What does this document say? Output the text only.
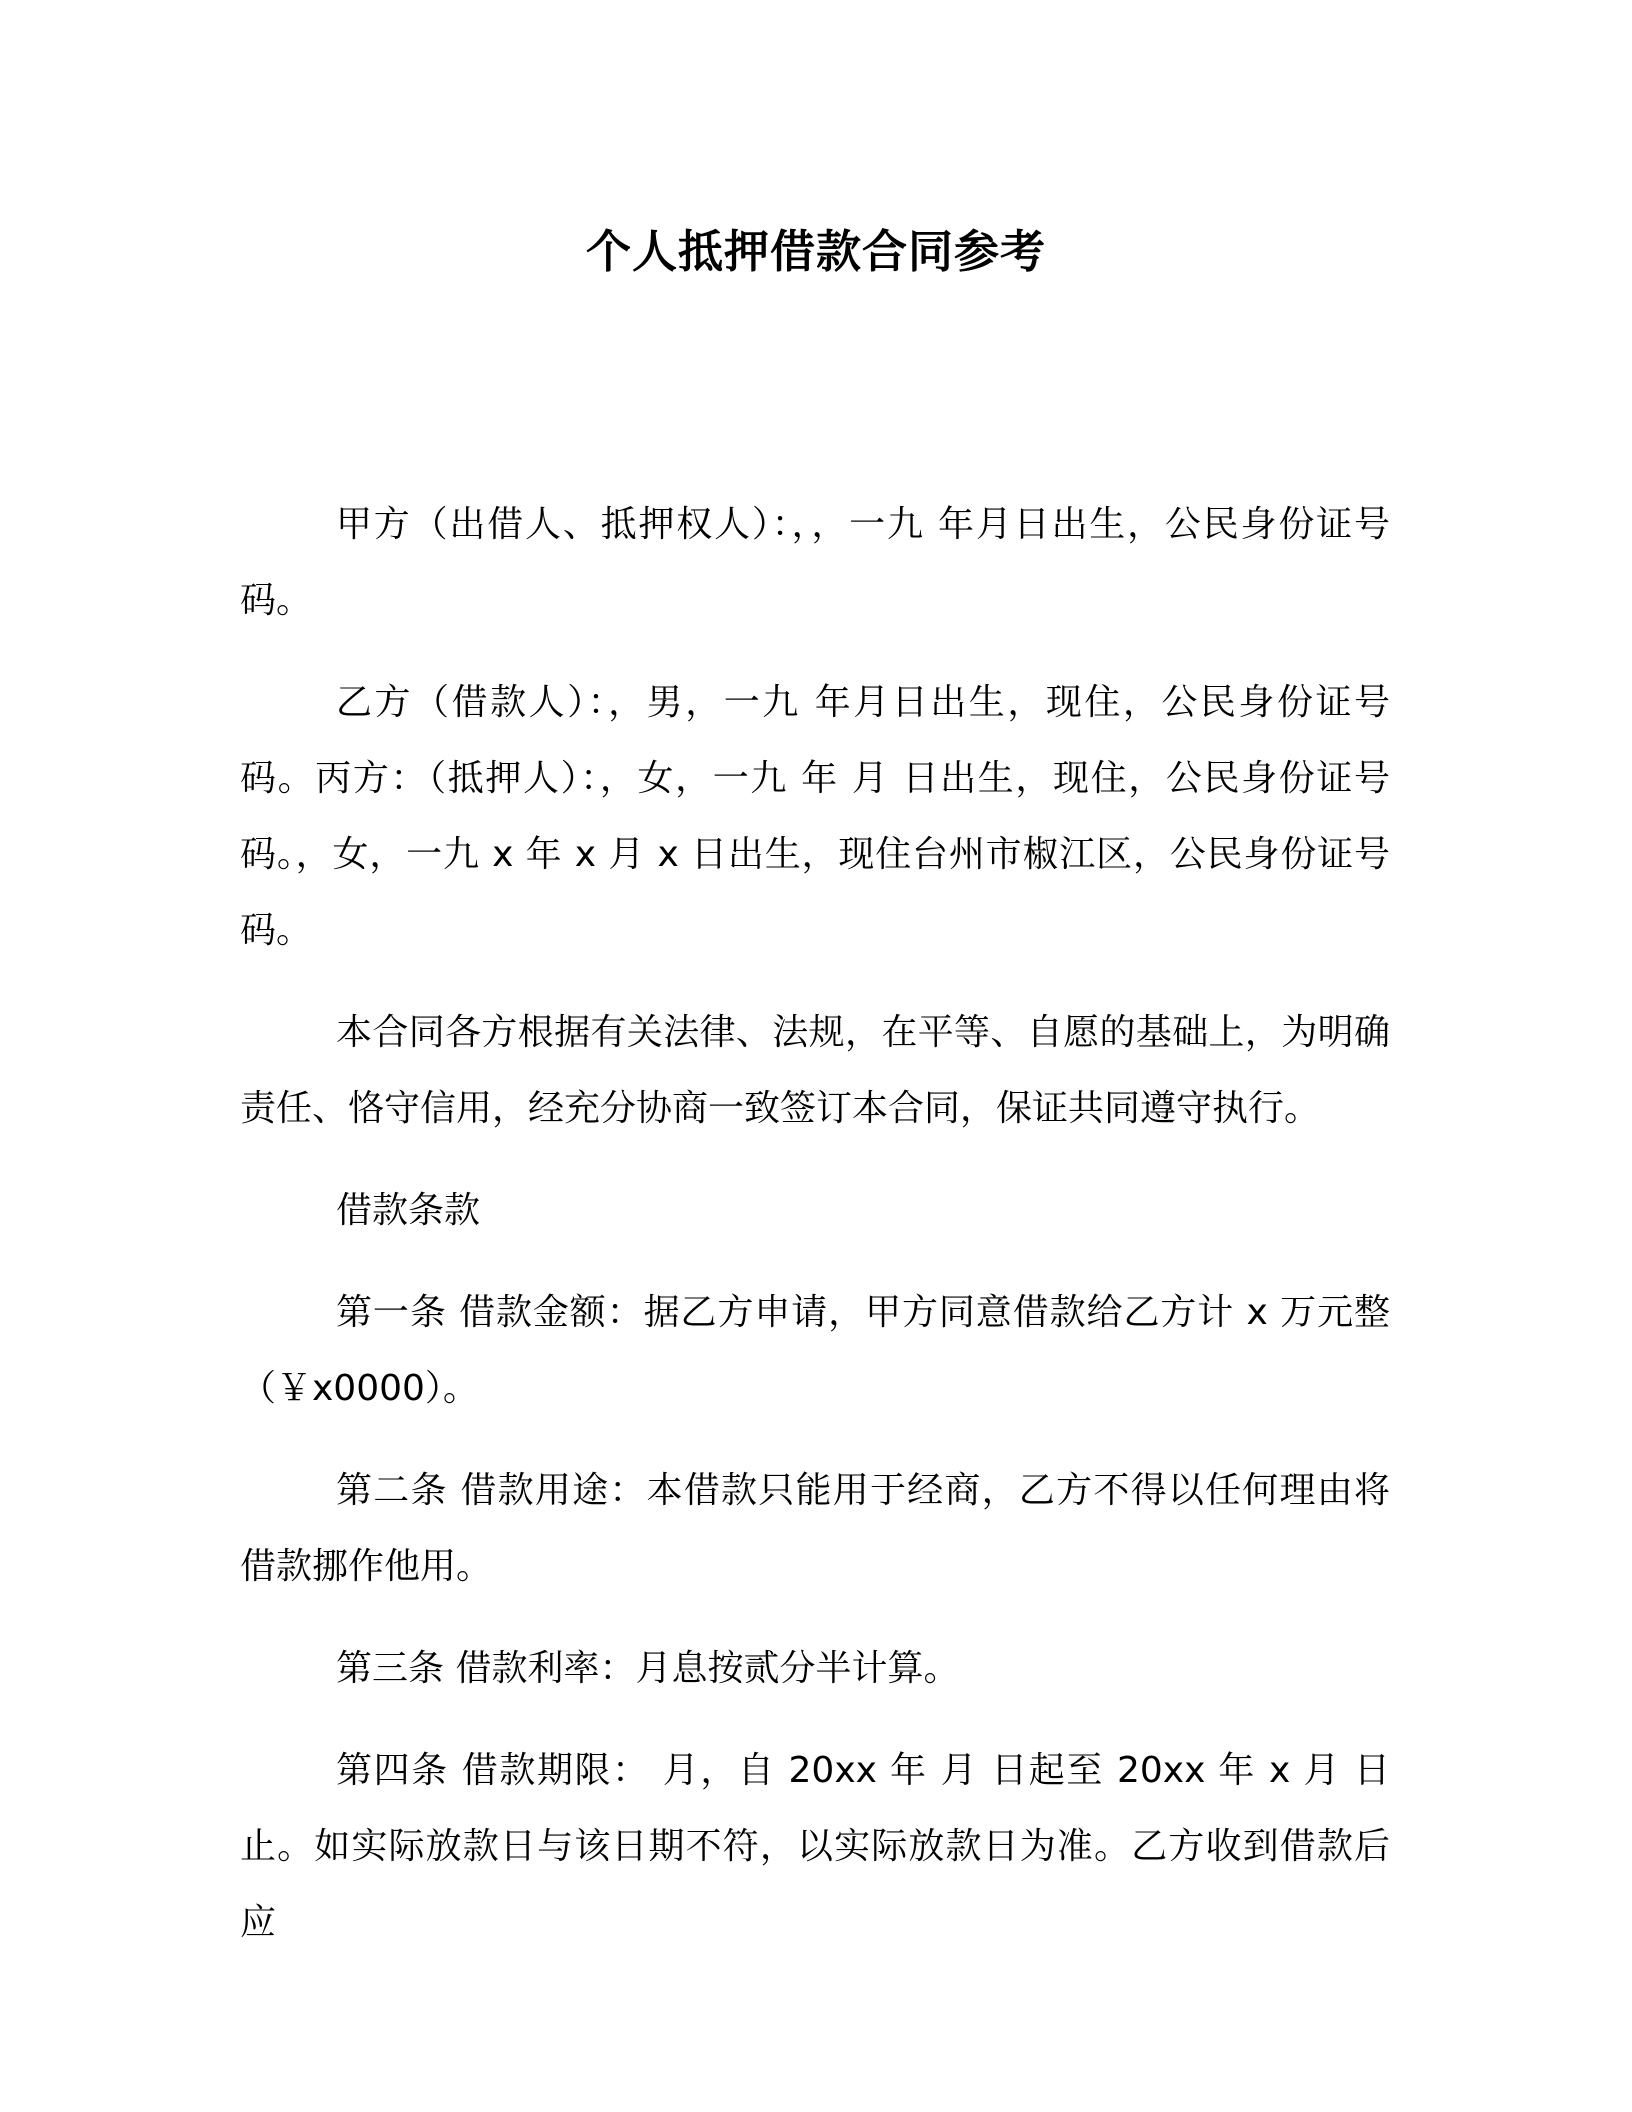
个人抵押借款合同参考

甲方（出借人、抵押权人）：，，一九 年月日出生，公民身份证号码。

乙方（借款人）：，男，一九 年月日出生，现住，公民身份证号码。丙方：（抵押人）：，女，一九 年 月 日出生，现住，公民身份证号码。，女，一九 x 年 x 月 x 日出生，现住台州市椒江区，公民身份证号码。

本合同各方根据有关法律、法规，在平等、自愿的基础上，为明确责任、恪守信用，经充分协商一致签订本合同，保证共同遵守执行。

借款条款

第一条 借款金额：据乙方申请，甲方同意借款给乙方计 x 万元整（￥x0000）。

第二条 借款用途：本借款只能用于经商，乙方不得以任何理由将借款挪作他用。

第三条 借款利率：月息按贰分半计算。

第四条 借款期限： 月，自 20xx 年 月 日起至 20xx 年 x 月 日止。如实际放款日与该日期不符，以实际放款日为准。乙方收到借款后应
